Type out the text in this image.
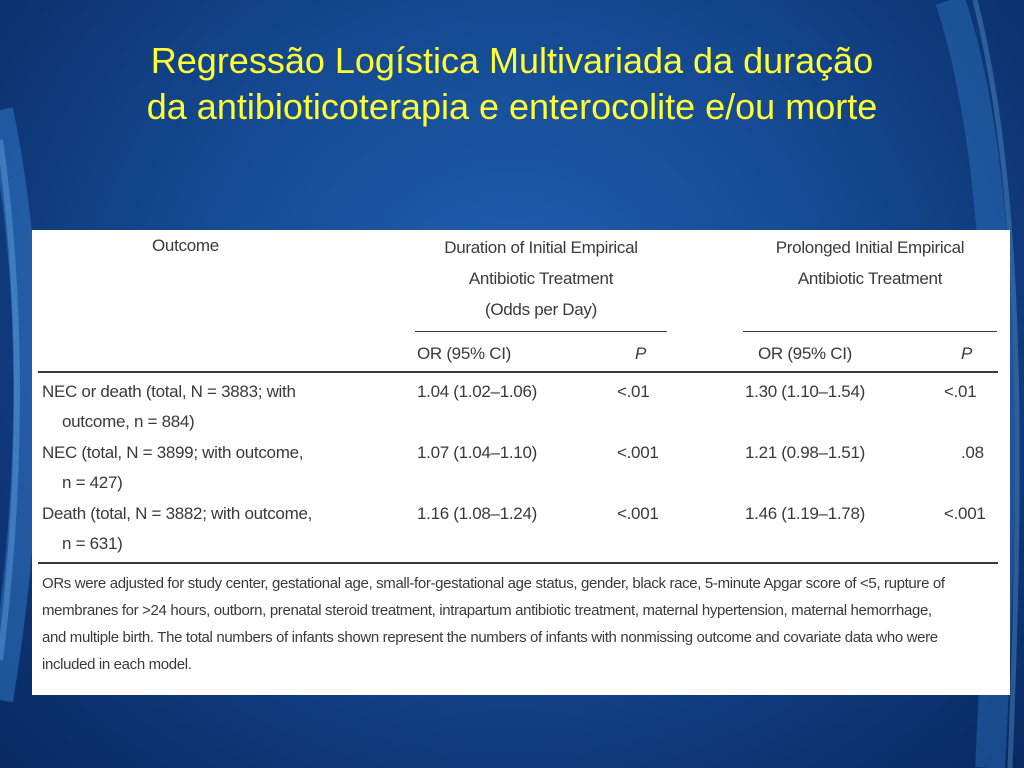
Regressão Logística Multivariada da duração
da antibioticoterapia e enterocolite e/ou morte
Outcome	Duration of Initial Empirical
Antibiotic Treatment
(Odds per Day)
Prolonged Initial Empirical
Antibiotic Treatment
OR (95% CI)	P	OR (95% CI)	P
NEC or death (total, N = 3883; with
outcome, n = 884)
1.04 (1.02–1.06)	<.01	1.30 (1.10–1.54)	<.01
NEC (total, N = 3899; with outcome,
n = 427)
1.07 (1.04–1.10)	<.001	1.21 (0.98–1.51)	.08
Death (total, N = 3882; with outcome,
n = 631)
1.16 (1.08–1.24)	<.001	1.46 (1.19–1.78)	<.001
ORs were adjusted for study center, gestational age, small-for-gestational age status, gender, black race, 5-minute Apgar score of <5, rupture of
membranes for >24 hours, outborn, prenatal steroid treatment, intrapartum antibiotic treatment, maternal hypertension, maternal hemorrhage,
and multiple birth. The total numbers of infants shown represent the numbers of infants with nonmissing outcome and covariate data who were
included in each model.
